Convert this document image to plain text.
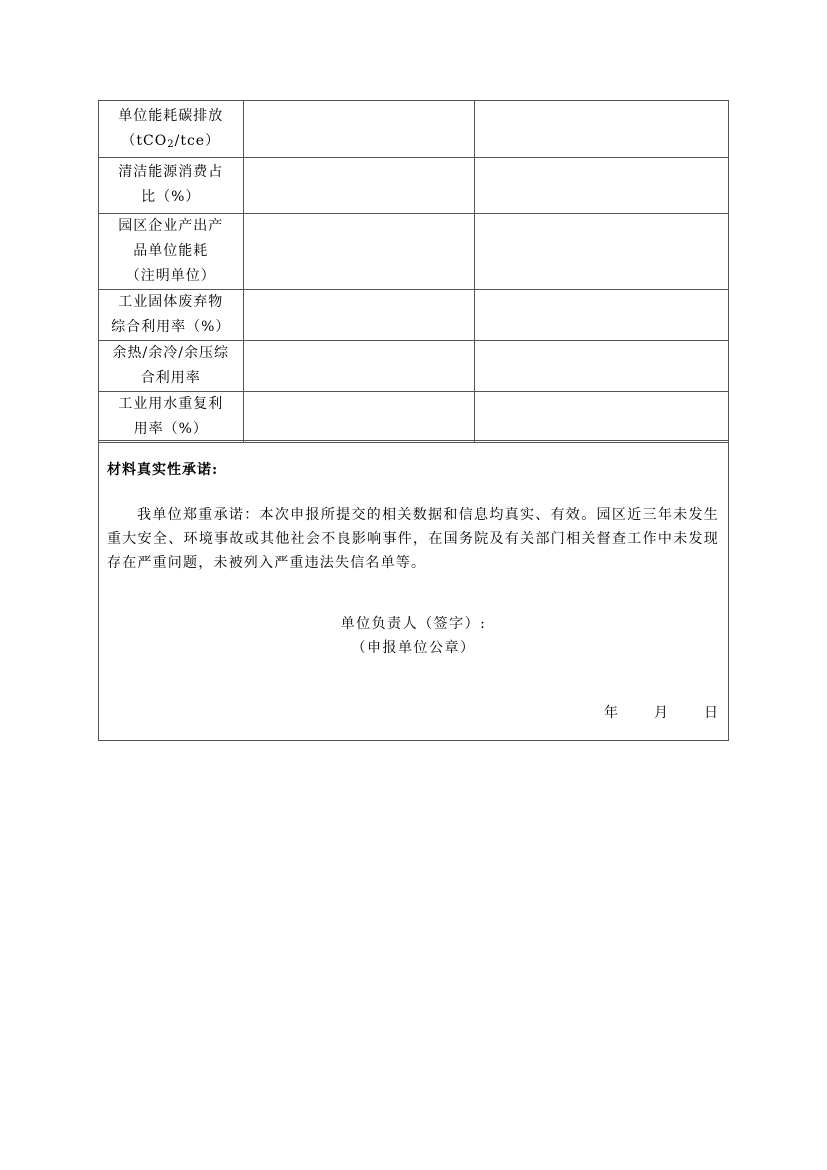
单位能耗碳排放
（tCO$_2$/tce）		

清洁能源消费占
比（%）		

园区企业产出产
品单位能耗
（注明单位）		

工业固体废弃物
综合利用率（%）		

余热/余冷/余压综
合利用率		

工业用水重复利
用率（%）		

材料真实性承诺:
我单位郑重承诺：本次申报所提交的相关数据和信息均真实、有效。园区近三年未发生重大安全、环境事故或其他社会不良影响事件，在国务院及有关部门相关督查工作中未发现存在严重问题，未被列入严重违法失信名单等。
单位负责人（签字）:
（申报单位公章）
年	月	日
